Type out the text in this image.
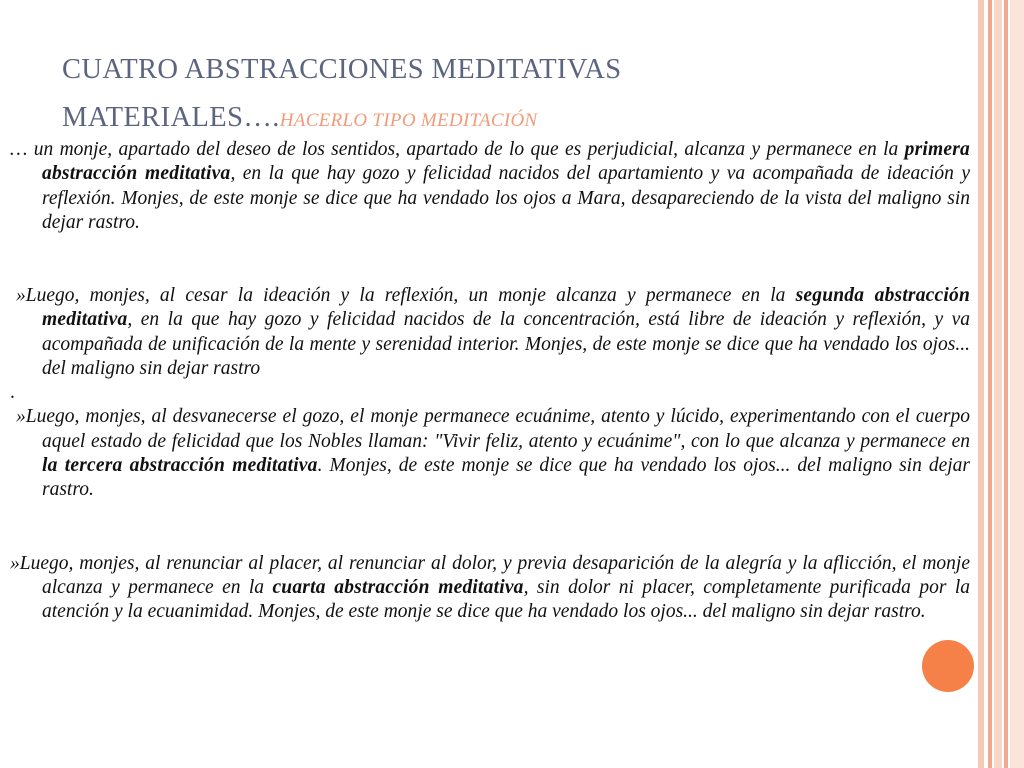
CUATRO ABSTRACCIONES MEDITATIVAS
MATERIALES….HACERLO TIPO MEDITACIÓN

… un monje, apartado del deseo de los sentidos, apartado de lo que es perjudicial, alcanza y permanece en la primera abstracción meditativa, en la que hay gozo y felicidad nacidos del apartamiento y va acompañada de ideación y reflexión. Monjes, de este monje se dice que ha vendado los ojos a Mara, desapareciendo de la vista del maligno sin dejar rastro.

»Luego, monjes, al cesar la ideación y la reflexión, un monje alcanza y permanece en la segunda abstracción meditativa, en la que hay gozo y felicidad nacidos de la concentración, está libre de ideación y reflexión, y va acompañada de unificación de la mente y serenidad interior. Monjes, de este monje se dice que ha vendado los ojos... del maligno sin dejar rastro

.

»Luego, monjes, al desvanecerse el gozo, el monje permanece ecuánime, atento y lúcido, experimentando con el cuerpo aquel estado de felicidad que los Nobles llaman: "Vivir feliz, atento y ecuánime", con lo que alcanza y permanece en la tercera abstracción meditativa. Monjes, de este monje se dice que ha vendado los ojos... del maligno sin dejar rastro.

»Luego, monjes, al renunciar al placer, al renunciar al dolor, y previa desaparición de la alegría y la aflicción, el monje alcanza y permanece en la cuarta abstracción meditativa, sin dolor ni placer, completamente purificada por la atención y la ecuanimidad. Monjes, de este monje se dice que ha vendado los ojos... del maligno sin dejar rastro.
